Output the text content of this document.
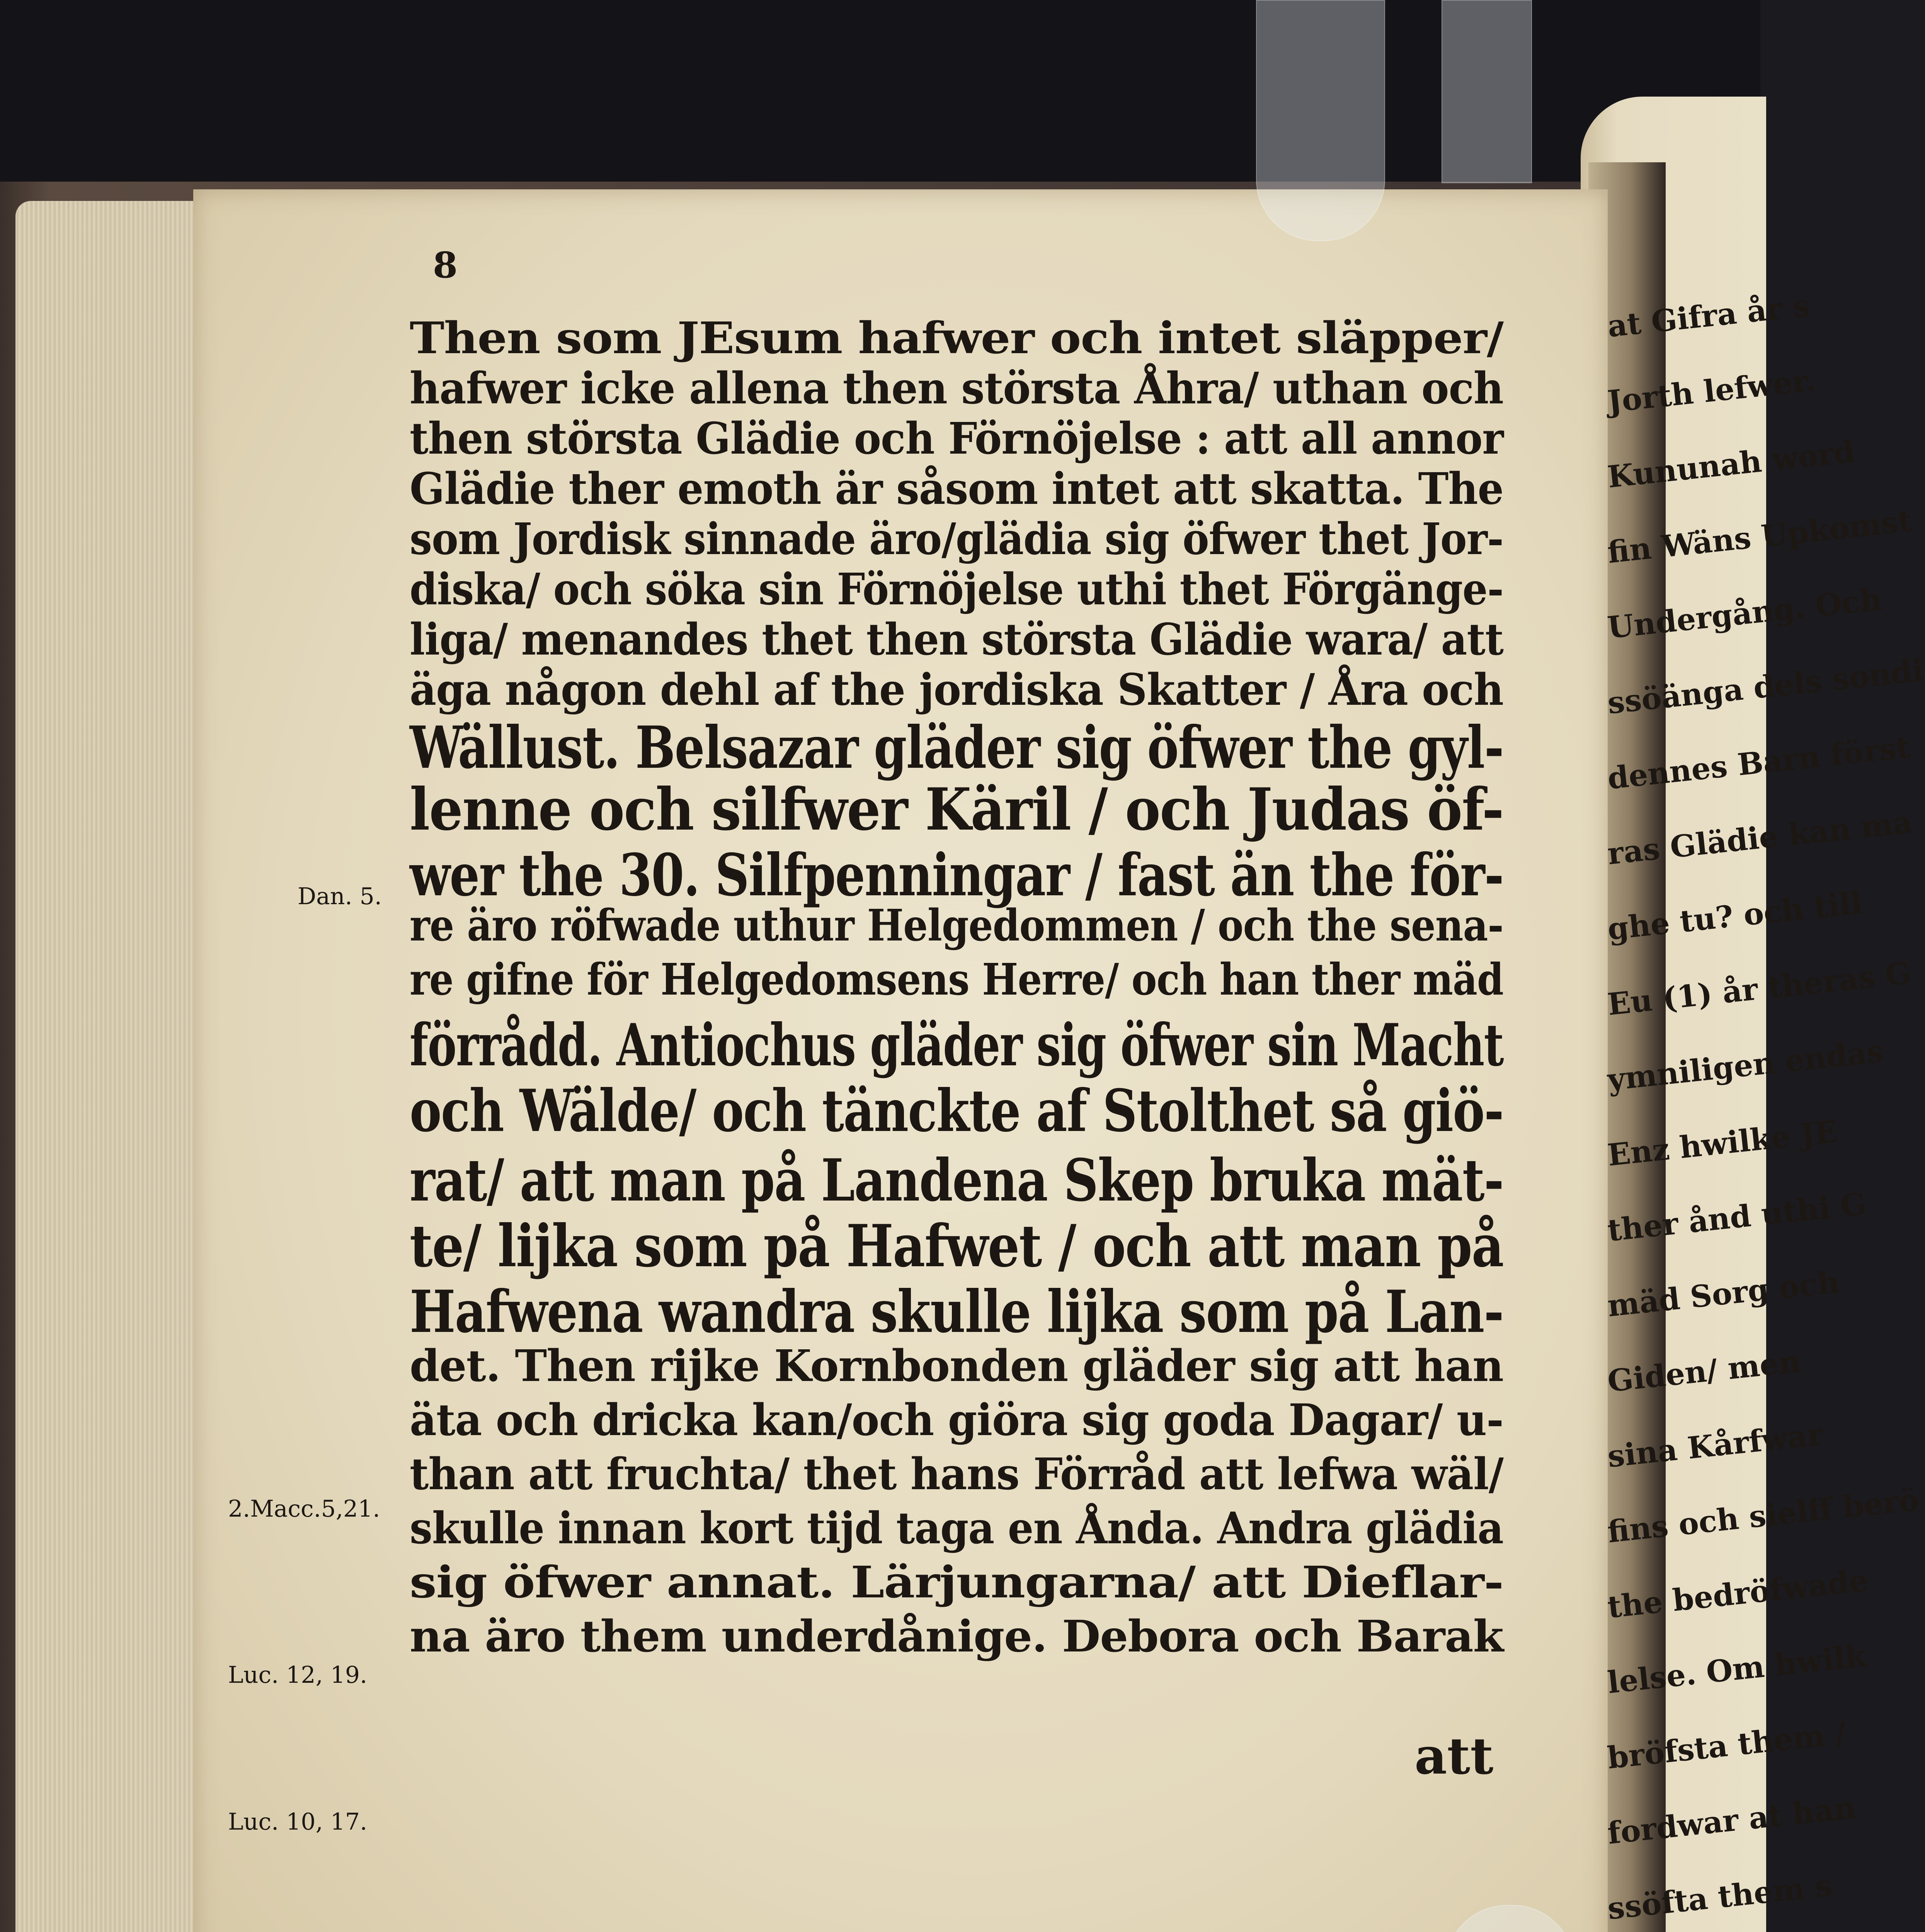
8
Then som JEsum hafwer och intet släpper/
hafwer icke allena then största Åhra/ uthan och
then största Glädie och Förnöjelse : att all annor
Glädie ther emoth är såsom intet att skatta. The
som Jordisk sinnade äro/glädia sig öfwer thet Jor-
diska/ och söka sin Förnöjelse uthi thet Förgänge-
liga/ menandes thet then största Glädie wara/ att
äga någon dehl af the jordiska Skatter / Åra och
Wällust. Belsazar gläder sig öfwer the gyl-
lenne och silfwer Käril / och Judas öf-
wer the 30. Silfpenningar / fast än the för-
re äro röfwade uthur Helgedommen / och the sena-
re gifne för Helgedomsens Herre/ och han ther mäd
förrådd. Antiochus gläder sig öfwer sin Macht
och Wälde/ och tänckte af Stolthet så giö-
rat/ att man på Landena Skep bruka mät-
te/ lijka som på Hafwet / och att man på
Hafwena wandra skulle lijka som på Lan-
det. Then rijke Kornbonden gläder sig att han
äta och dricka kan/och giöra sig goda Dagar/ u-
than att fruchta/ thet hans Förråd att lefwa wäl/
skulle innan kort tijd taga en Ånda. Andra glädia
sig öfwer annat. Lärjungarna/ att Dieflar-
na äro them underdånige. Debora och Barak
Dan. 5.
2.Macc.5,21.
Luc. 12, 19.
Luc. 10, 17.
att
at Gifra år s
Jorth lefwer.
Kununah word
fin Wäns Upkomst
Undergång. Och
ssöänga dels sondi
dennes Barn först
ras Glädie kan ma
ghe tu? och till
Eu (1) år theras G
ymniligen endas
Enz hwilke JE
ther ånd uthi G
mäd Sorg och
Giden/ men
sina Kårfwar
fins och sielff berö
the bedröfwade
lelse. Om hwilk
bröfsta them /
fordwar at han
ssöfta them s
